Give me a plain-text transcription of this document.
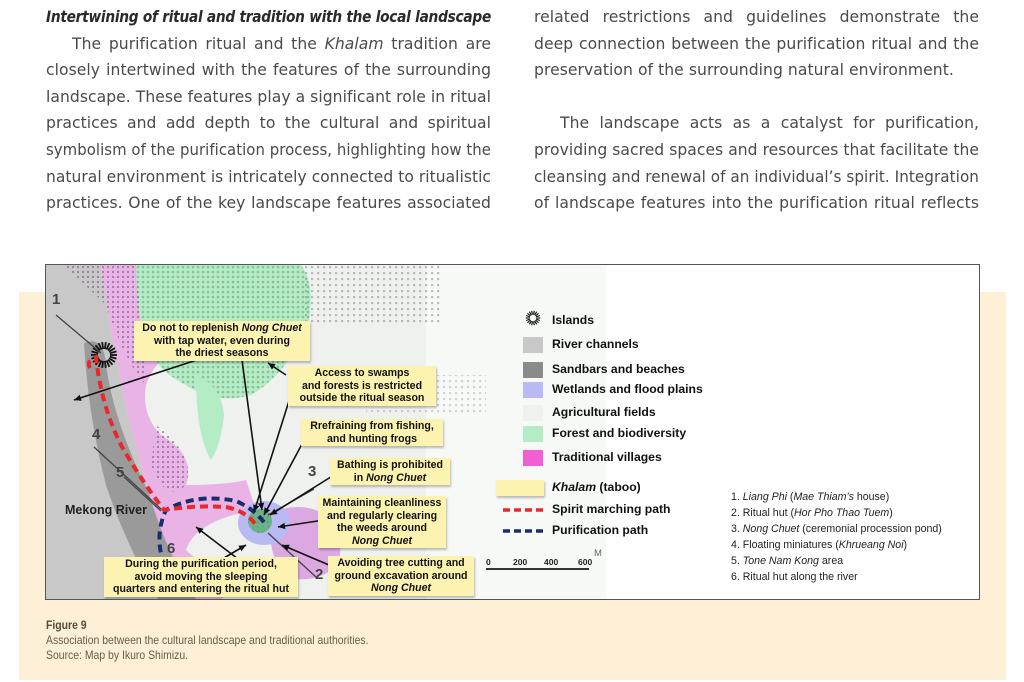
Intertwining of ritual and tradition with the local landscape

The purification ritual and the Khalam tradition are

closely intertwined with the features of the surrounding

landscape. These features play a significant role in ritual

practices and add depth to the cultural and spiritual

symbolism of the purification process, highlighting how the

natural environment is intricately connected to ritualistic

practices. One of the key landscape features associated

related restrictions and guidelines demonstrate the

deep connection between the purification ritual and the

preservation of the surrounding natural environment.

The landscape acts as a catalyst for purification,

providing sacred spaces and resources that facilitate the

cleansing and renewal of an individual’s spirit. Integration

of landscape features into the purification ritual reflects

1
2
3
4
5
6
Mekong River
Do not to replenish Nong Chuet
with tap water, even during
the driest seasons
Access to swamps
and forests is restricted
outside the ritual season
Rrefraining from fishing,
and hunting frogs
Bathing is prohibited
in Nong Chuet
Maintaining cleanliness
and regularly clearing
the weeds around
Nong Chuet
Avoiding tree cutting and
ground excavation around
Nong Chuet
During the purification period,
avoid moving the sleeping
quarters and entering the ritual hut
Islands
River channels
Sandbars and beaches
Wetlands and flood plains
Agricultural fields
Forest and biodiversity
Traditional villages
Khalam (taboo)
Spirit marching path
Purification path
0	200 400 600
M
1. Liang Phi (Mae Thiam’s house)
2. Ritual hut (Hor Pho Thao Tuem)
3. Nong Chuet (ceremonial procession pond)
4. Floating miniatures (Khrueang Noi)
5. Tone Nam Kong area
6. Ritual hut along the river
Figure 9
Association between the cultural landscape and traditional authorities.
Source: Map by Ikuro Shimizu.
